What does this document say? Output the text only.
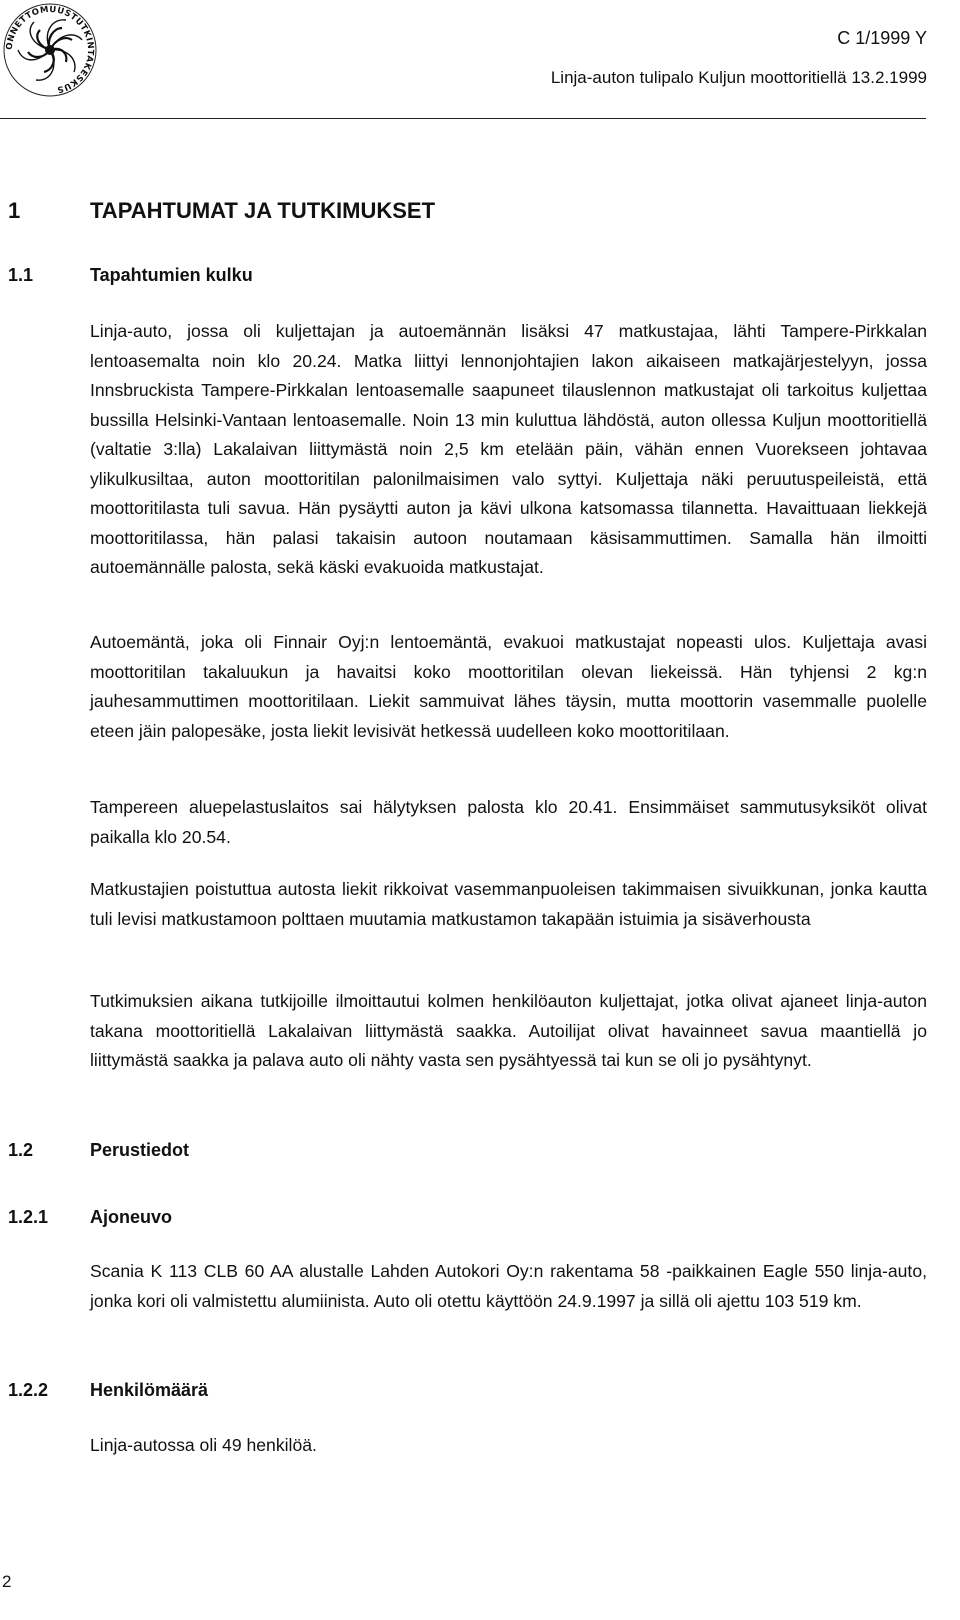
ONNETTOMUUSTUTKINTAKESKUS
C 1/1999 Y
Linja-auton tulipalo Kuljun moottoritiellä 13.2.1999
1	TAPAHTUMAT JA TUTKIMUKSET
1.1	Tapahtumien kulku

Linja-auto, jossa oli kuljettajan ja autoemännän lisäksi 47 matkustajaa, lähti Tampere-Pirkkalan lentoasemalta noin klo 20.24. Matka liittyi lennonjohtajien lakon aikaiseen matkajärjestelyyn, jossa Innsbruckista Tampere-Pirkkalan lentoasemalle saapuneet tilauslennon matkustajat oli tarkoitus kuljettaa bussilla Helsinki-Vantaan lentoasemalle. Noin 13 min kuluttua lähdöstä, auton ollessa Kuljun moottoritiellä (valtatie 3:lla) Lakalaivan liittymästä noin 2,5 km etelään päin, vähän ennen Vuorekseen johtavaa ylikulkusiltaa, auton moottoritilan palonilmaisimen valo syttyi. Kuljettaja näki peruutuspeileistä, että moottoritilasta tuli savua. Hän pysäytti auton ja kävi ulkona katsomassa tilannetta. Havaittuaan liekkejä moottoritilassa, hän palasi takaisin autoon noutamaan käsisammuttimen. Samalla hän ilmoitti autoemännälle palosta, sekä käski evakuoida matkustajat.

Autoemäntä, joka oli Finnair Oyj:n lentoemäntä, evakuoi matkustajat nopeasti ulos. Kuljettaja avasi moottoritilan takaluukun ja havaitsi koko moottoritilan olevan liekeissä. Hän tyhjensi 2 kg:n jauhesammuttimen moottoritilaan. Liekit sammuivat lähes täysin, mutta moottorin vasemmalle puolelle eteen jäin palopesäke, josta liekit levisivät hetkessä uudelleen koko moottoritilaan.

Tampereen aluepelastuslaitos sai hälytyksen palosta klo 20.41. Ensimmäiset sammutusyksiköt olivat paikalla klo 20.54.

Matkustajien poistuttua autosta liekit rikkoivat vasemmanpuoleisen takimmaisen sivuikkunan, jonka kautta tuli levisi matkustamoon polttaen muutamia matkustamon takapään istuimia ja sisäverhousta

Tutkimuksien aikana tutkijoille ilmoittautui kolmen henkilöauton kuljettajat, jotka olivat ajaneet linja-auton takana moottoritiellä Lakalaivan liittymästä saakka. Autoilijat olivat havainneet savua maantiellä jo liittymästä saakka ja palava auto oli nähty vasta sen pysähtyessä tai kun se oli jo pysähtynyt.

1.2	Perustiedot
1.2.1 Ajoneuvo

Scania K 113 CLB 60 AA alustalle Lahden Autokori Oy:n rakentama 58 -paikkainen Eagle 550 linja-auto, jonka kori oli valmistettu alumiinista. Auto oli otettu käyttöön 24.9.1997 ja sillä oli ajettu 103 519 km.

1.2.2 Henkilömäärä

Linja-autossa oli 49 henkilöä.

2
